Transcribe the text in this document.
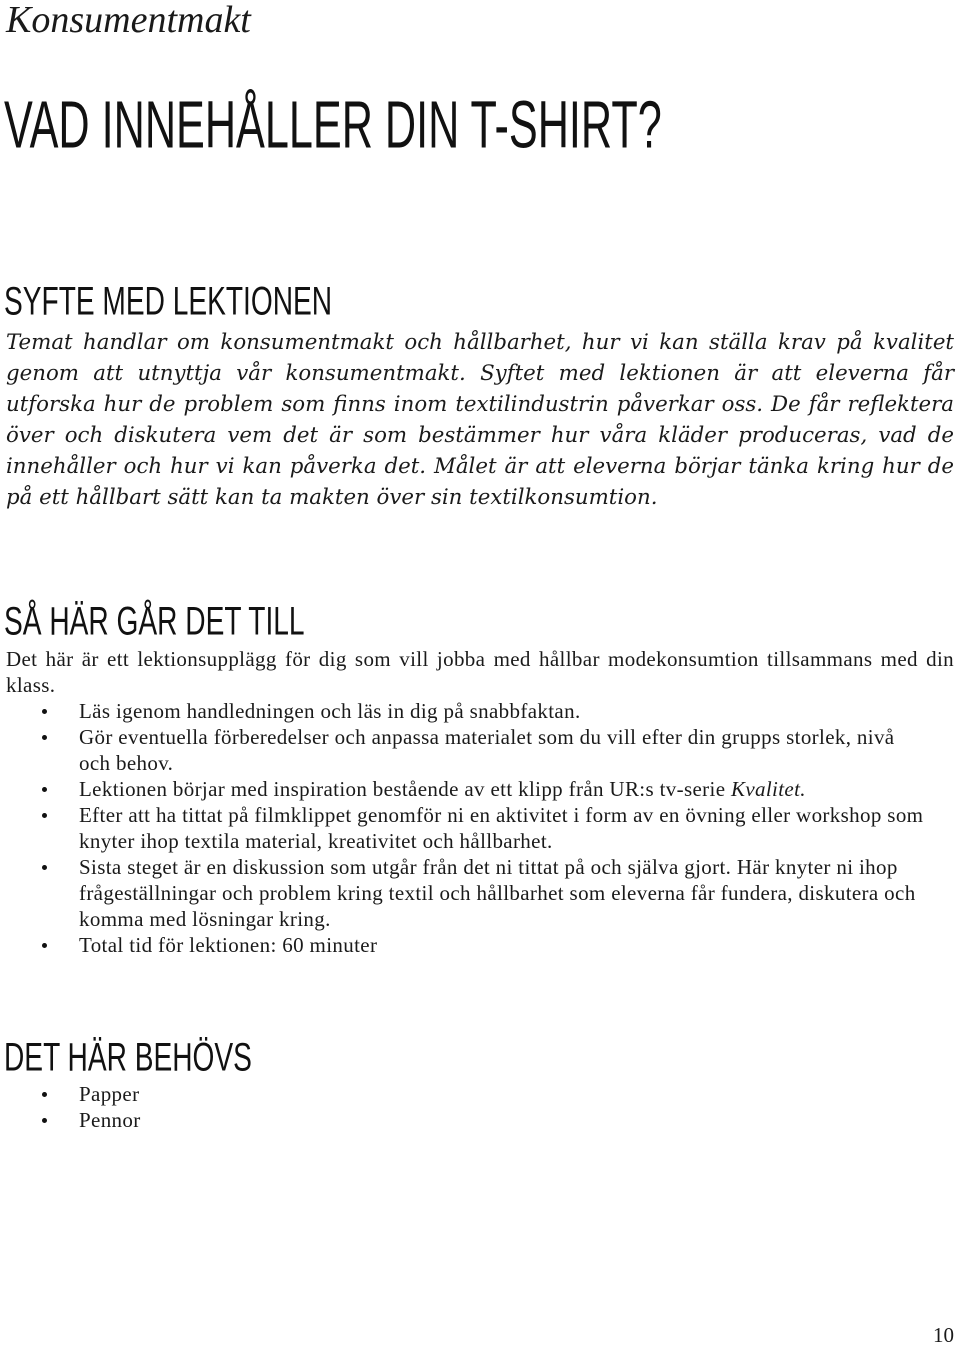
Konsumentmakt

VAD INNEHÅLLER DIN T-SHIRT?
SYFTE MED LEKTIONEN

Temat handlar om konsumentmakt och hållbarhet, hur vi kan ställa krav på kvalitet genom att utnyttja vår konsumentmakt. Syftet med lektionen är att eleverna får utforska hur de problem som finns inom textilindustrin påverkar oss. De får reflektera över och diskutera vem det är som bestämmer hur våra kläder produceras, vad de innehåller och hur vi kan påverka det. Målet är att eleverna börjar tänka kring hur de på ett hållbart sätt kan ta makten över sin textilkonsumtion.

SÅ HÄR GÅR DET TILL

Det här är ett lektionsupplägg för dig som vill jobba med hållbar modekonsumtion tillsammans med din klass.

Läs igenom handledningen och läs in dig på snabbfaktan.
Gör eventuella förberedelser och anpassa materialet som du vill efter din grupps storlek, nivå och behov.
Lektionen börjar med inspiration bestående av ett klipp från UR:s tv-serie Kvalitet.
Efter att ha tittat på filmklippet genomför ni en aktivitet i form av en övning eller workshop som knyter ihop textila material, kreativitet och hållbarhet.
Sista steget är en diskussion som utgår från det ni tittat på och själva gjort. Här knyter ni ihop frågeställningar och problem kring textil och hållbarhet som eleverna får fundera, diskutera och komma med lösningar kring.
Total tid för lektionen: 60 minuter
DET HÄR BEHÖVS
Papper
Pennor
10
